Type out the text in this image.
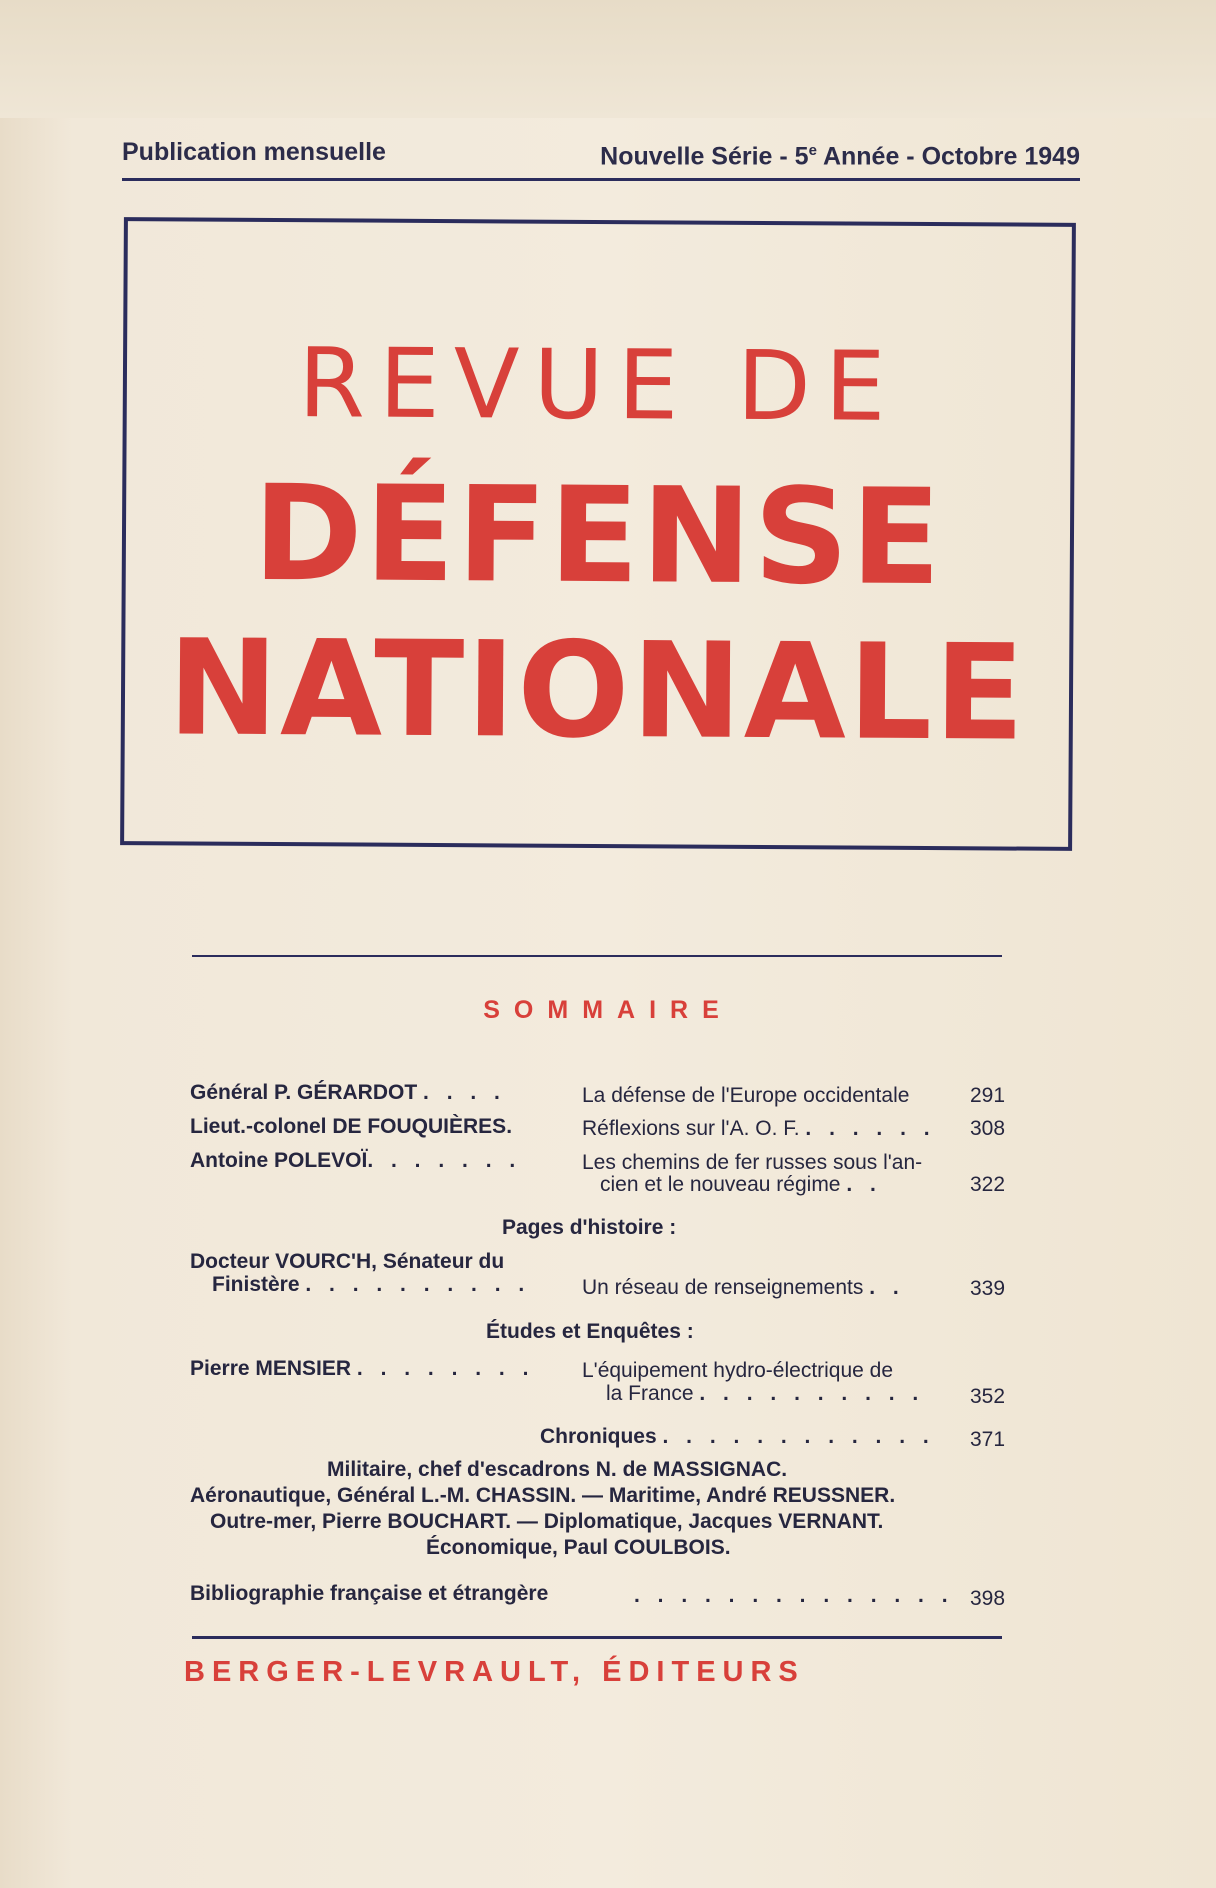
Publication mensuelle	Nouvelle Série - 5e Année - Octobre 1949
REVUE DE
DÉFENSE
NATIONALE
SOMMAIRE
Général P. GÉRARDOT . . . .	La défense de l'Europe occidentale	291
Lieut.-colonel DE FOUQUIÈRES.	Réflexions sur l'A. O. F. . . . . . . 308
Antoine POLEVOÏ. . . . . . .	Les chemins de fer russes sous l'an-
cien et le nouveau régime . .	322
Pages d'histoire :
Docteur VOURC'H, Sénateur du
Finistère . . . . . . . . . . Un réseau de renseignements . .	339
Études et Enquêtes :
Pierre MENSIER . . . . . . . . L'équipement hydro-électrique de
la France . . . . . . . . . . 352
Chroniques . . . . . . . . . . . . 371
Militaire, chef d'escadrons N. de MASSIGNAC.
Aéronautique, Général L.-M. CHASSIN. — Maritime, André REUSSNER.
Outre-mer, Pierre BOUCHART. — Diplomatique, Jacques VERNANT.
Économique, Paul COULBOIS.
Bibliographie française et étrangère	. . . . . . . . . . . . . . 398
BERGER-LEVRAULT, ÉDITEURS
